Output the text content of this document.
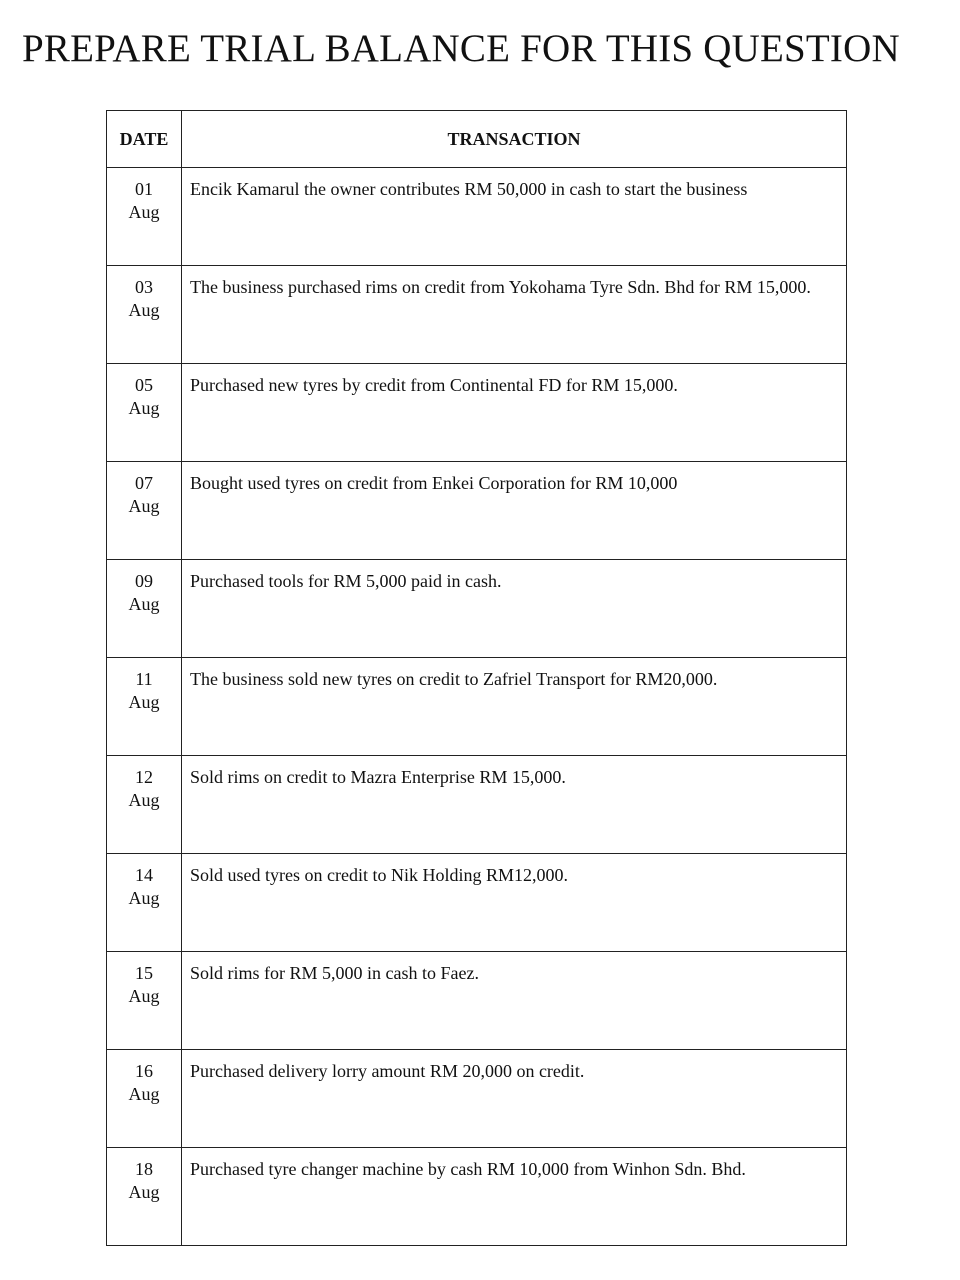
PREPARE TRIAL BALANCE FOR THIS QUESTION
DATE	TRANSACTION

01
Aug	Encik Kamarul the owner contributes RM 50,000 in cash to start the business

03
Aug	The business purchased rims on credit from Yokohama Tyre Sdn. Bhd for RM 15,000.

05
Aug	Purchased new tyres by credit from Continental FD for RM 15,000.

07
Aug	Bought used tyres on credit from Enkei Corporation for RM 10,000

09
Aug	Purchased tools for RM 5,000 paid in cash.

11
Aug	The business sold new tyres on credit to Zafriel Transport for RM20,000.

12
Aug	Sold rims on credit to Mazra Enterprise RM 15,000.

14
Aug	Sold used tyres on credit to Nik Holding RM12,000.

15
Aug	Sold rims for RM 5,000 in cash to Faez.

16
Aug	Purchased delivery lorry amount RM 20,000 on credit.

18
Aug	Purchased tyre changer machine by cash RM 10,000 from Winhon Sdn. Bhd.
